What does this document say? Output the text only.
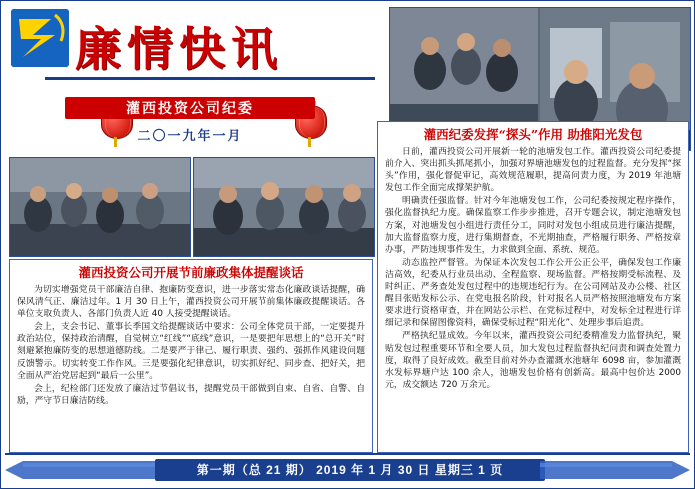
廉情快讯
灌西投资公司纪委
二〇一九年一月	灌西纪委发挥“探头”作用 助推阳光发包

日前，灌西投资公司开展新一轮的池塘发包工作。灌西投资公司纪委提前介入、突出抓头抓尾抓小，加强对界塘池塘发包的过程监督。充分发挥“探头”作用，强化督促审记，高效规范履职，提高问责力度，为 2019 年池塘发包工作全面完成撑架护航。

明确责任强监督。针对今年池塘发包工作，公司纪委按规定程序操作，强化监督执纪力度。确保监察工作步步推进，召开专题会议，制定池塘发包方案，对池塘发包小组进行责任分工，同时对发包小组成员进行廉洁提醒，加大监督监察力度，进行集期督查，不光期抽查，严格履行职务、严格按章办事，严防违规事件发生，力求做到全面、系统、规范。

动态监控严督管。为保证本次发包工作公开公正公平，确保发包工作廉洁高效，纪委从行业员出动、全程监察、现场监督。严格按期受标流程、及时纠正、严务查处发包过程中的违规违纪行为。在公司网站及办公楼、社区醒目张贴发标公示、在党电报名阶段，针对报名人员严格按照池塘发布方案要求进行资格审查，并在网站公示栏、在党标过程中，对发标全过程进行详细记录和保留图像资料，确保受标过程“阳光化”、处理步事后追责。

严格执纪显成效。今年以来，灌西投资公司纪委精准发力监督执纪，聚贴发包过程重要环节和全要人员，加大发包过程监督执纪问责和调查处置力度，取得了良好成效。截至目前对外办查灌溉水池塘年 6098 亩，参加灌溉水发标界塘户达 100 余人，池塘发包价格有创新高。最高中包价达 2000 元，成交额达 720 万余元。

灌西投资公司开展节前廉政集体提醒谈话

为切实增强党员干部廉洁自律、抱廉防变意识，进一步落实常态化廉政谈话提醒，确保风清气正、廉洁过年。1 月 30 日上午，灌西投资公司开展节前集体廉政提醒谈话。各单位支取负责人、各部门负责人近 40 人接受提醒谈话。

会上，支会书记、董事长季国文给提醒谈话中要求：公司全体党员干部，一定要提升政治站位，保持政治清醒，自觉树立“红线”“底线”意识，一是要把年思想上的“总开关”时刻避紧抱廉防变的思想道德防线。二是要严于律己、履行职责、强约、强抓作风建设问题反馈警示。切实转变工作作风。三是要强化纪律意识，切实抓好纪、同步查、把好关，把全面从严治党居起到“最后一公里”。

会上，纪检部门还发放了廉洁过节倡议书，提醒党员干部做到自束、自省、自警、自励，严守节日廉洁防线。

第一期（总 21 期） 2019 年 1 月 30 日 星期三 1 页
